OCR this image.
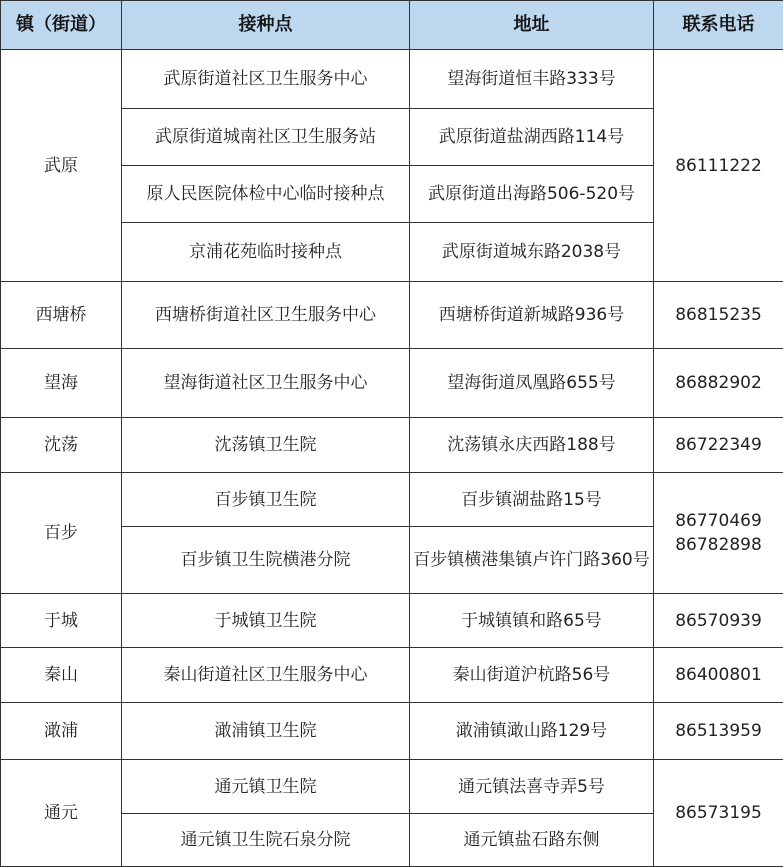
镇（街道）	接种点	地址	联系电话
武原	武原街道社区卫生服务中心	望海街道恒丰路333号	86111222

	武原街道城南社区卫生服务站	武原街道盐湖西路114号	
	原人民医院体检中心临时接种点	武原街道出海路506-520号	
	京浦花苑临时接种点	武原街道城东路2038号	
西塘桥	西塘桥街道社区卫生服务中心	西塘桥街道新城路936号	86815235

望海	望海街道社区卫生服务中心	望海街道凤凰路655号	86882902

沈荡	沈荡镇卫生院	沈荡镇永庆西路188号	86722349

百步	百步镇卫生院	百步镇湖盐路15号	86770469
86782898

	百步镇卫生院横港分院	百步镇横港集镇卢许门路360号	
于城	于城镇卫生院	于城镇镇和路65号	86570939

秦山	秦山街道社区卫生服务中心	秦山街道沪杭路56号	86400801

澉浦	澉浦镇卫生院	澉浦镇澉山路129号	86513959

通元	通元镇卫生院	通元镇法喜寺弄5号	86573195

	通元镇卫生院石泉分院	通元镇盐石路东侧	
